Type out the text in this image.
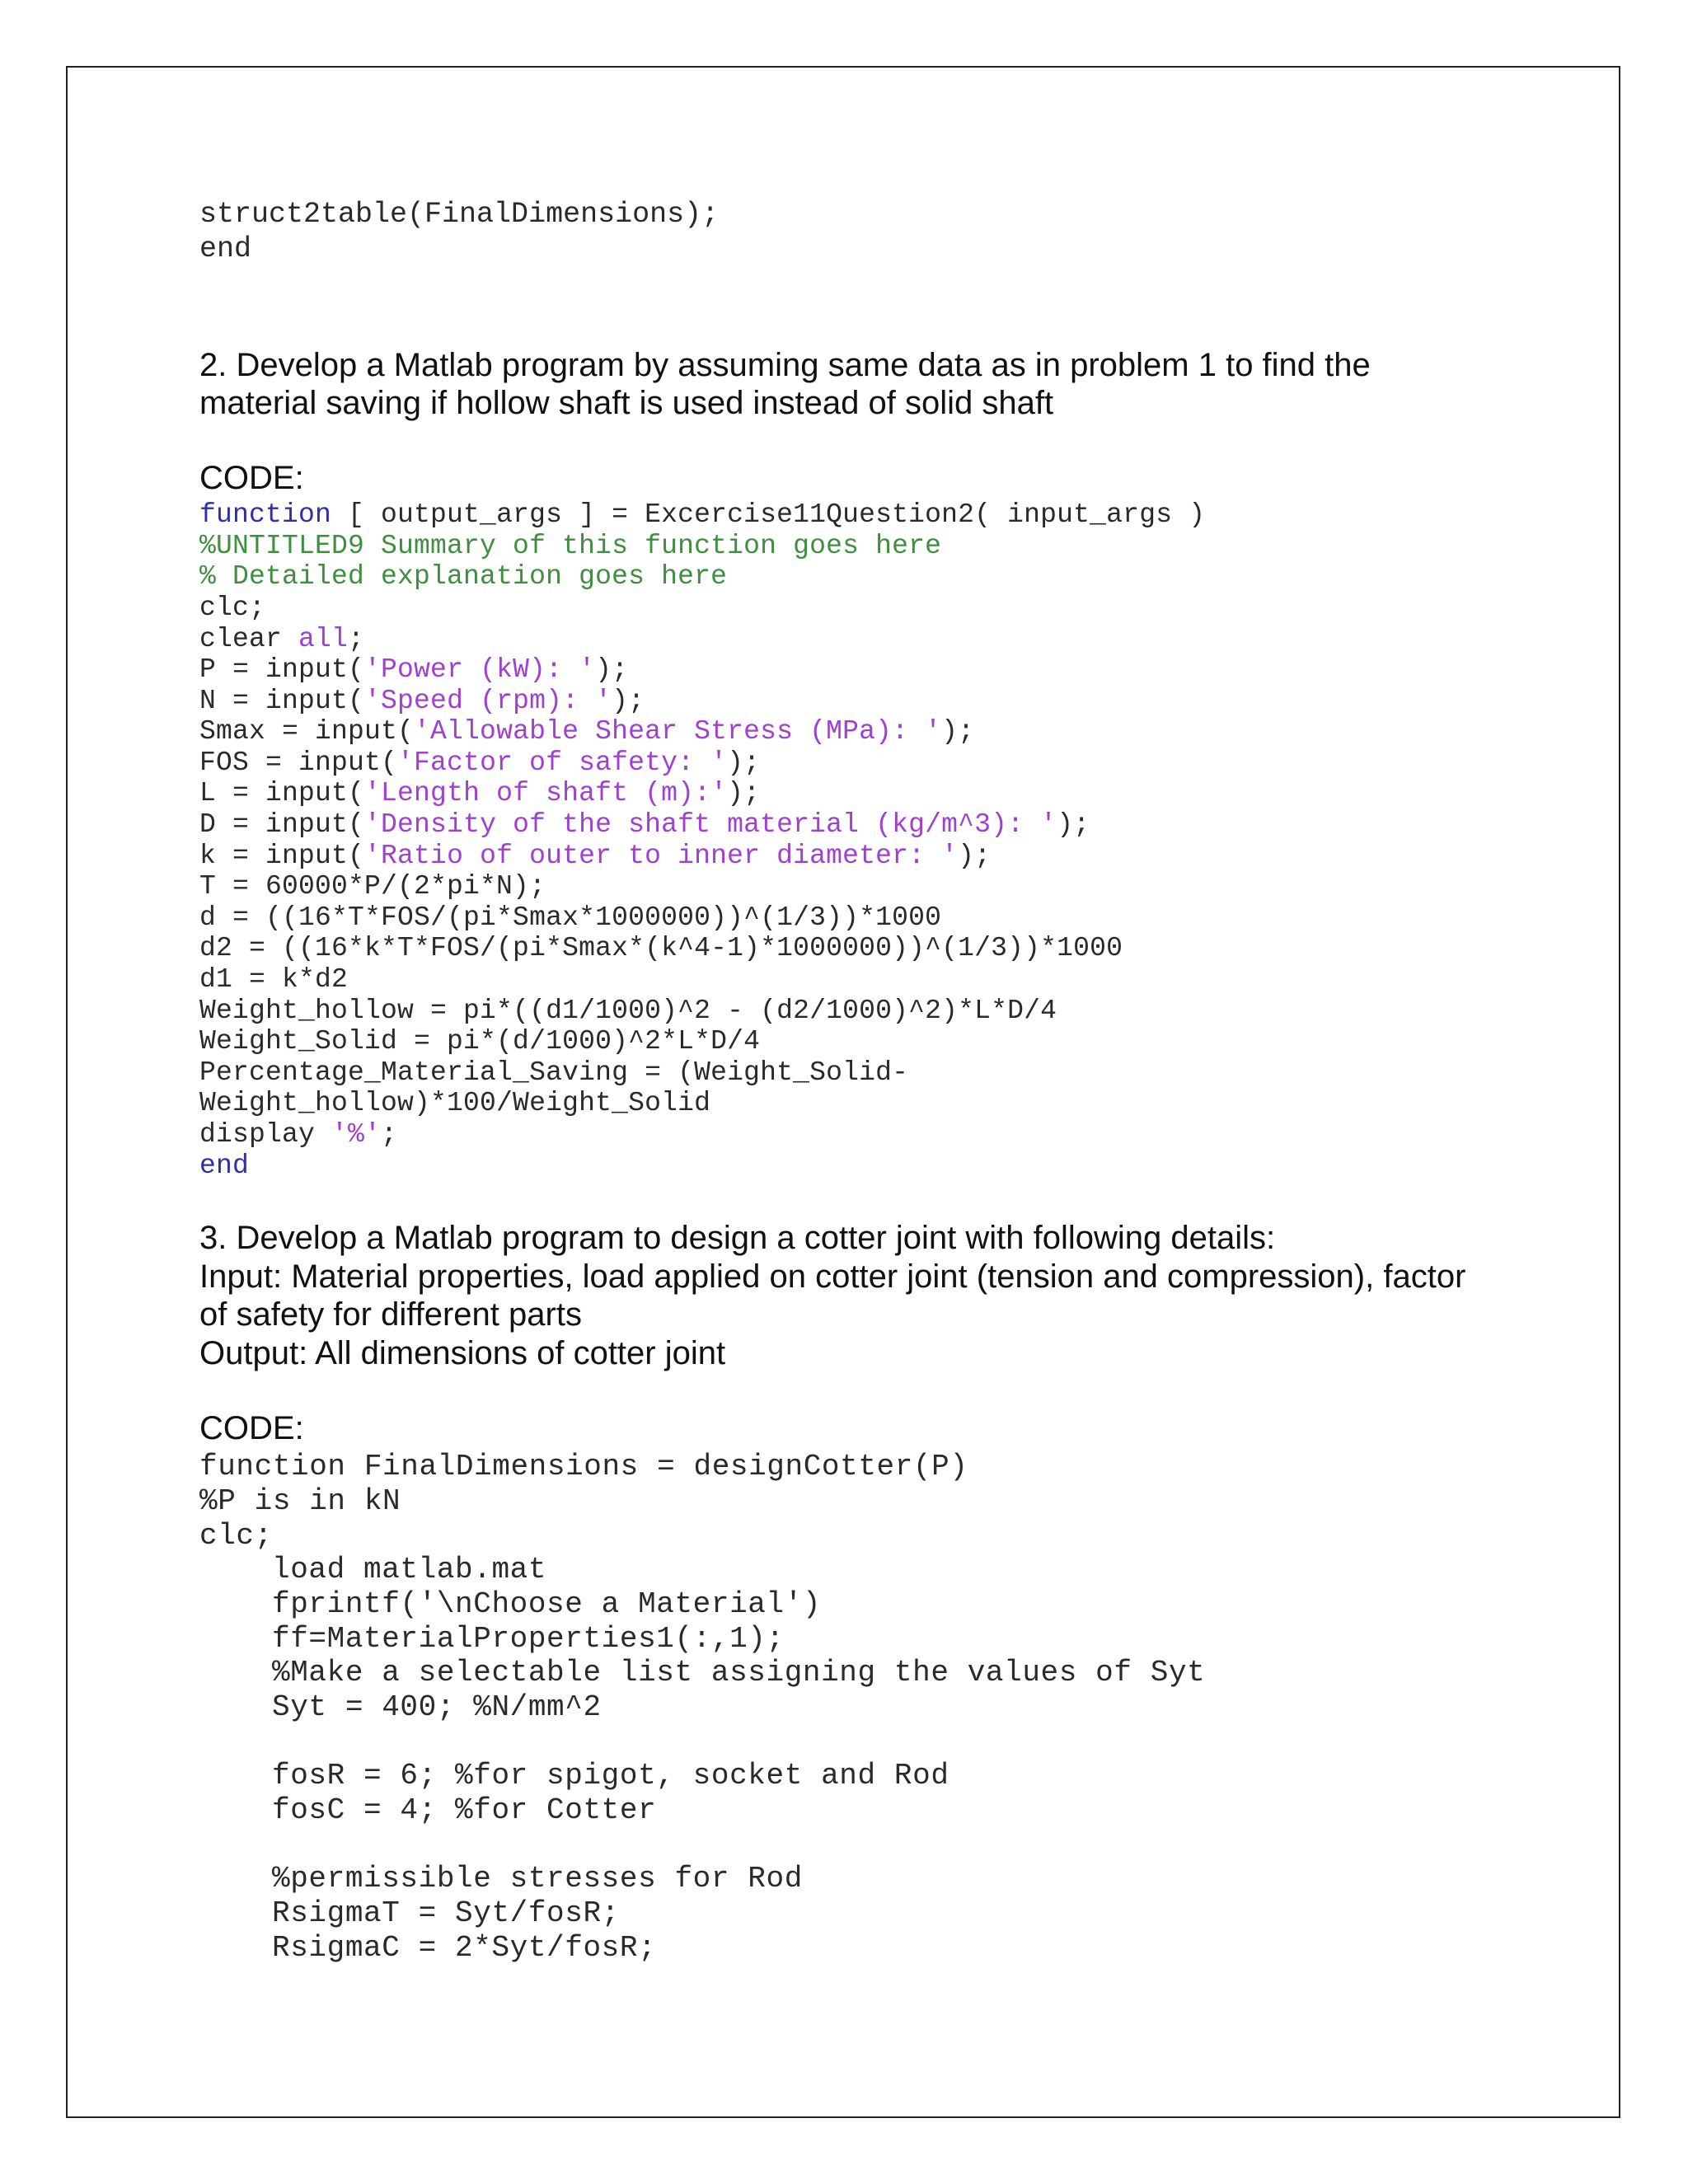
struct2table(FinalDimensions);
end
2. Develop a Matlab program by assuming same data as in problem 1 to find the
material saving if hollow shaft is used instead of solid shaft
CODE:
function [ output_args ] = Excercise11Question2( input_args )
%UNTITLED9 Summary of this function goes here
% Detailed explanation goes here
clc;
clear all;
P = input('Power (kW): ');
N = input('Speed (rpm): ');
Smax = input('Allowable Shear Stress (MPa): ');
FOS = input('Factor of safety: ');
L = input('Length of shaft (m):');
D = input('Density of the shaft material (kg/m^3): ');
k = input('Ratio of outer to inner diameter: ');
T = 60000*P/(2*pi*N);
d = ((16*T*FOS/(pi*Smax*1000000))^(1/3))*1000
d2 = ((16*k*T*FOS/(pi*Smax*(k^4-1)*1000000))^(1/3))*1000
d1 = k*d2
Weight_hollow = pi*((d1/1000)^2 - (d2/1000)^2)*L*D/4
Weight_Solid = pi*(d/1000)^2*L*D/4
Percentage_Material_Saving = (Weight_Solid-
Weight_hollow)*100/Weight_Solid
display '%';
end
3. Develop a Matlab program to design a cotter joint with following details:
Input: Material properties, load applied on cotter joint (tension and compression), factor
of safety for different parts
Output: All dimensions of cotter joint
CODE:
function FinalDimensions = designCotter(P)
%P is in kN
clc;
load matlab.mat
fprintf('\nChoose a Material')
ff=MaterialProperties1(:,1);
%Make a selectable list assigning the values of Syt
Syt = 400; %N/mm^2
fosR = 6; %for spigot, socket and Rod
fosC = 4; %for Cotter
%permissible stresses for Rod
RsigmaT = Syt/fosR;
RsigmaC = 2*Syt/fosR;
